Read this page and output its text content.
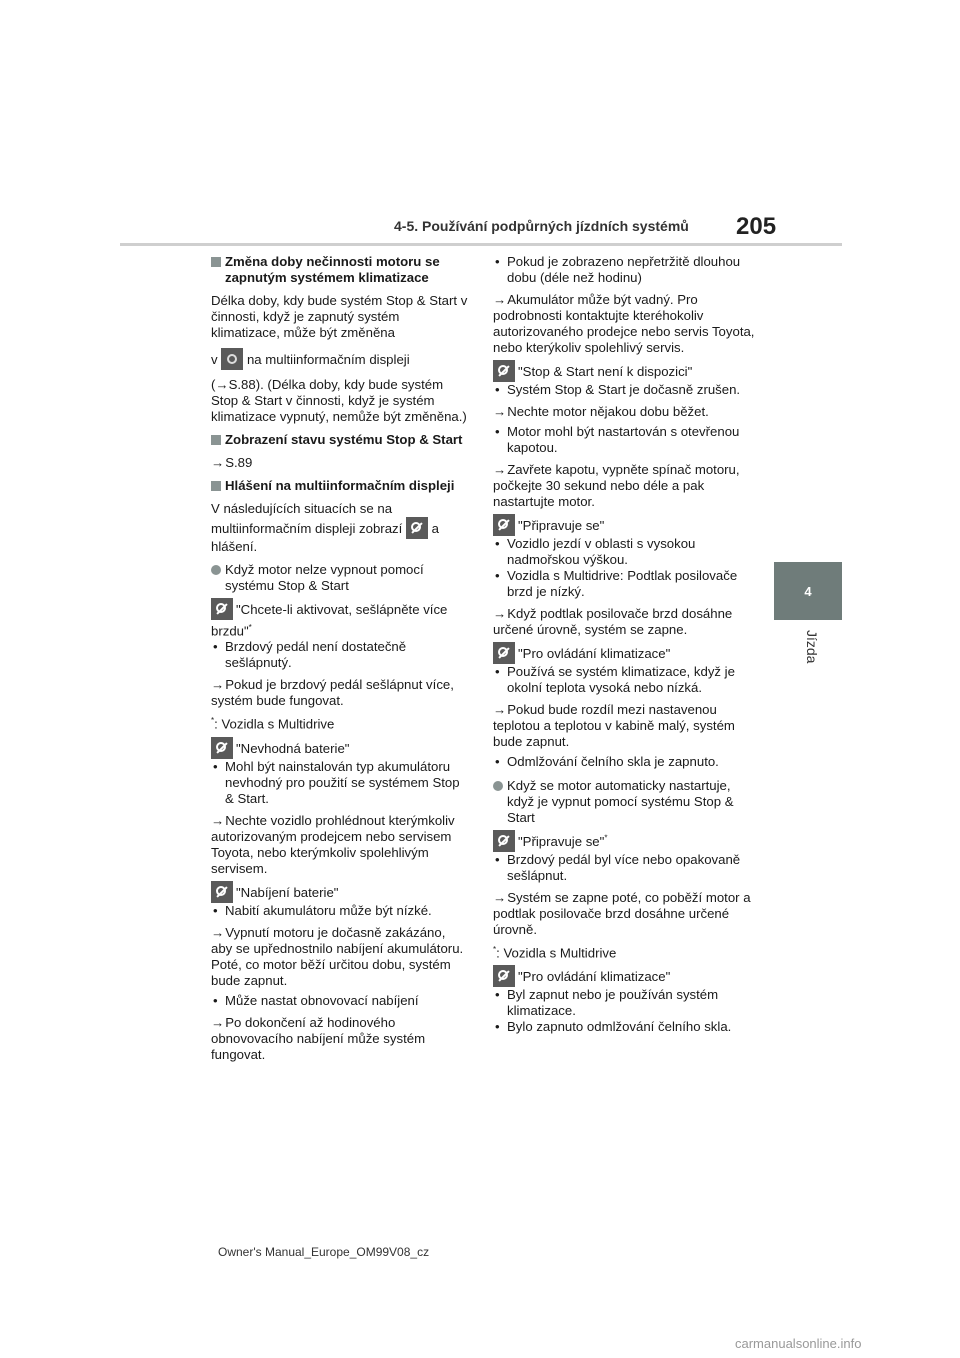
4-5. Používání podpůrných jízdních systémů 205
4
Jízda
Změna doby nečinnosti motoru se zapnutým systémem klimatizace
Délka doby, kdy bude systém Stop & Start v činnosti, když je zapnutý systém klimatizace, může být změněna
v na multiinformačním displeji
(→S.88). (Délka doby, kdy bude systém Stop & Start v činnosti, když je systém klimatizace vypnutý, nemůže být změněna.)
Zobrazení stavu systému Stop & Start
→S.89
Hlášení na multiinformačním displeji
V následujících situacích se na multiinformačním displeji zobrazí a hlášení.
Když motor nelze vypnout pomocí systému Stop & Start
"Chcete-li aktivovat, sešlápněte více brzdu"*
• Brzdový pedál není dostatečně sešlápnutý.
→Pokud je brzdový pedál sešlápnut více, systém bude fungovat.
*: Vozidla s Multidrive
"Nevhodná baterie"
• Mohl být nainstalován typ akumulátoru nevhodný pro použití se systémem Stop & Start.
→Nechte vozidlo prohlédnout kterýmkoliv autorizovaným prodejcem nebo servisem Toyota, nebo kterýmkoliv spolehlivým servisem.
"Nabíjení baterie"
• Nabití akumulátoru může být nízké.
→Vypnutí motoru je dočasně zakázáno, aby se upřednostnilo nabíjení akumulátoru. Poté, co motor běží určitou dobu, systém bude zapnut.
• Může nastat obnovovací nabíjení
→Po dokončení až hodinového obnovovacího nabíjení může systém fungovat.
• Pokud je zobrazeno nepřetržitě dlouhou dobu (déle než hodinu)
→Akumulátor může být vadný. Pro podrobnosti kontaktujte kteréhokoliv autorizovaného prodejce nebo servis Toyota, nebo kterýkoliv spolehlivý servis.
"Stop & Start není k dispozici"
• Systém Stop & Start je dočasně zrušen.
→Nechte motor nějakou dobu běžet.
• Motor mohl být nastartován s otevřenou kapotou.
→Zavřete kapotu, vypněte spínač motoru, počkejte 30 sekund nebo déle a pak nastartujte motor.
"Připravuje se"
• Vozidlo jezdí v oblasti s vysokou nadmořskou výškou.
• Vozidla s Multidrive: Podtlak posilovače brzd je nízký.
→Když podtlak posilovače brzd dosáhne určené úrovně, systém se zapne.
"Pro ovládání klimatizace"
• Používá se systém klimatizace, když je okolní teplota vysoká nebo nízká.
→Pokud bude rozdíl mezi nastavenou teplotou a teplotou v kabině malý, systém bude zapnut.
• Odmlžování čelního skla je zapnuto.
Když se motor automaticky nastartuje, když je vypnut pomocí systému Stop & Start
"Připravuje se"*
• Brzdový pedál byl více nebo opakovaně sešlápnut.
→Systém se zapne poté, co poběží motor a podtlak posilovače brzd dosáhne určené úrovně.
*: Vozidla s Multidrive
"Pro ovládání klimatizace"
• Byl zapnut nebo je používán systém klimatizace.
• Bylo zapnuto odmlžování čelního skla.
Owner's Manual_Europe_OM99V08_cz
carmanualsonline.info
